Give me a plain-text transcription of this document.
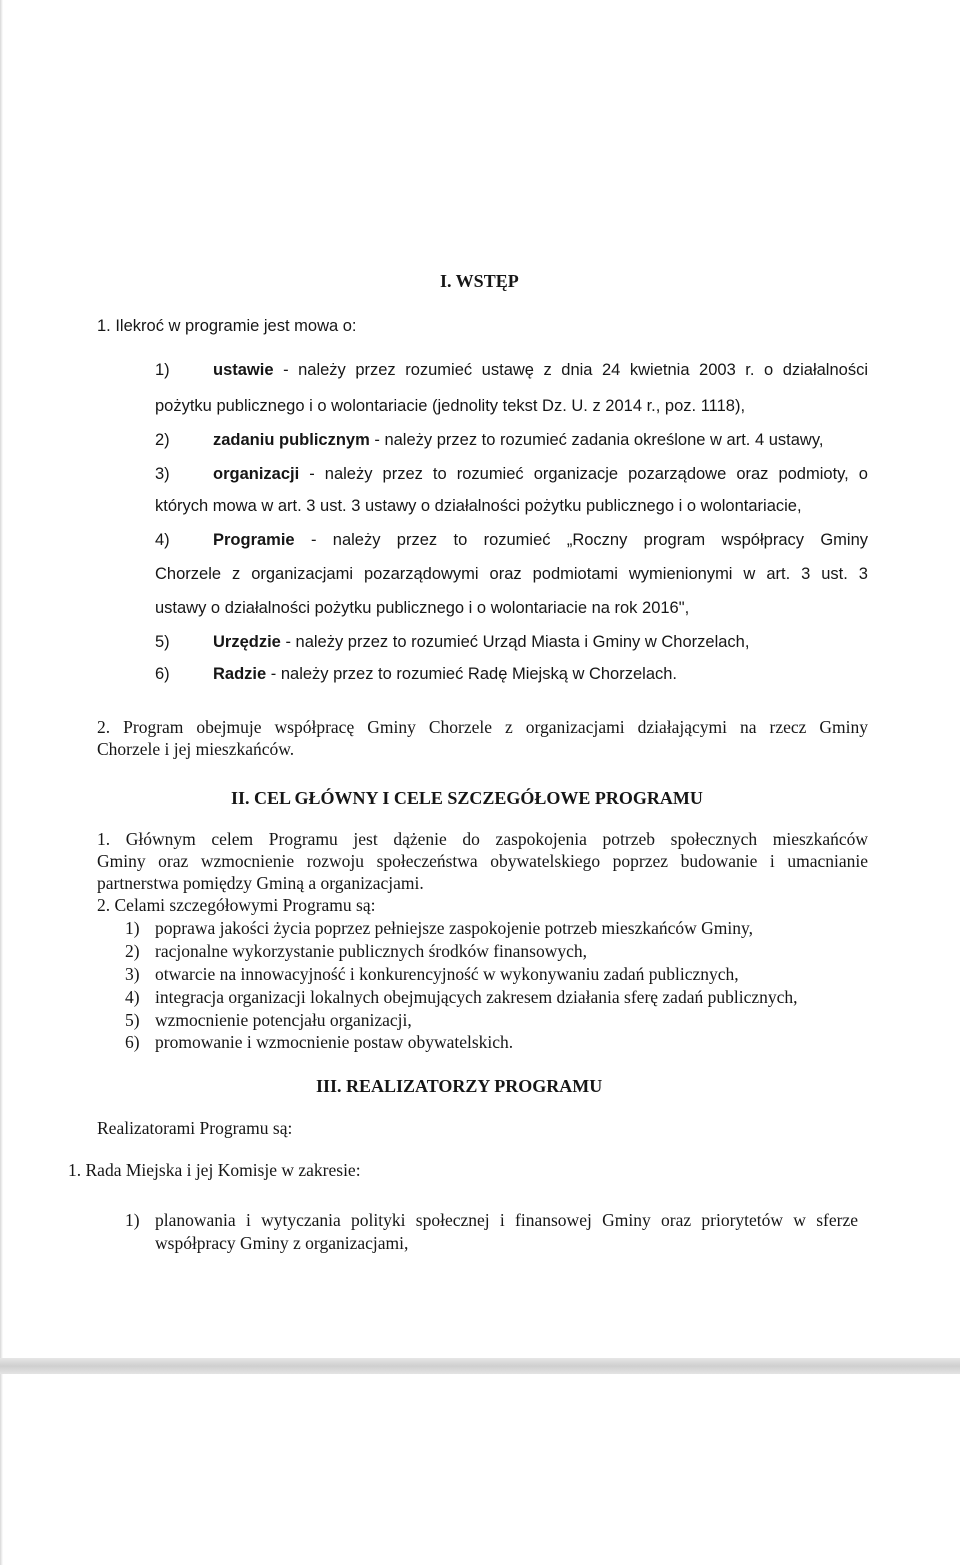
I. WSTĘP
1. Ilekroć w programie jest mowa o:
1)	ustawie - należy przez rozumieć ustawę z dnia 24 kwietnia 2003 r. o działalności
pożytku publicznego i o wolontariacie (jednolity tekst Dz. U. z 2014 r., poz. 1118),
2)	zadaniu publicznym - należy przez to rozumieć zadania określone w art. 4 ustawy,
3)	organizacji - należy przez to rozumieć organizacje pozarządowe oraz podmioty, o
których mowa w art. 3 ust. 3 ustawy o działalności pożytku publicznego i o wolontariacie,
4)	Programie - należy przez to rozumieć „Roczny program współpracy Gminy
Chorzele z organizacjami pozarządowymi oraz podmiotami wymienionymi w art. 3 ust. 3
ustawy o działalności pożytku publicznego i o wolontariacie na rok 2016",
5)	Urzędzie - należy przez to rozumieć Urząd Miasta i Gminy w Chorzelach,
6)	Radzie - należy przez to rozumieć Radę Miejską w Chorzelach.
2. Program obejmuje współpracę Gminy Chorzele z organizacjami działającymi na rzecz Gminy
Chorzele i jej mieszkańców.
II. CEL GŁÓWNY I CELE SZCZEGÓŁOWE PROGRAMU
1. Głównym celem Programu jest dążenie do zaspokojenia potrzeb społecznych mieszkańców
Gminy oraz wzmocnienie rozwoju społeczeństwa obywatelskiego poprzez budowanie i umacnianie
partnerstwa pomiędzy Gminą a organizacjami.
2. Celami szczegółowymi Programu są:
1) poprawa jakości życia poprzez pełniejsze zaspokojenie potrzeb mieszkańców Gminy,
2) racjonalne wykorzystanie publicznych środków finansowych,
3) otwarcie na innowacyjność i konkurencyjność w wykonywaniu zadań publicznych,
4) integracja organizacji lokalnych obejmujących zakresem działania sferę zadań publicznych,
5) wzmocnienie potencjału organizacji,
6) promowanie i wzmocnienie postaw obywatelskich.
III. REALIZATORZY PROGRAMU
Realizatorami Programu są:
1. Rada Miejska i jej Komisje w zakresie:
1) planowania i wytyczania polityki społecznej i finansowej Gminy oraz priorytetów w sferze
współpracy Gminy z organizacjami,
